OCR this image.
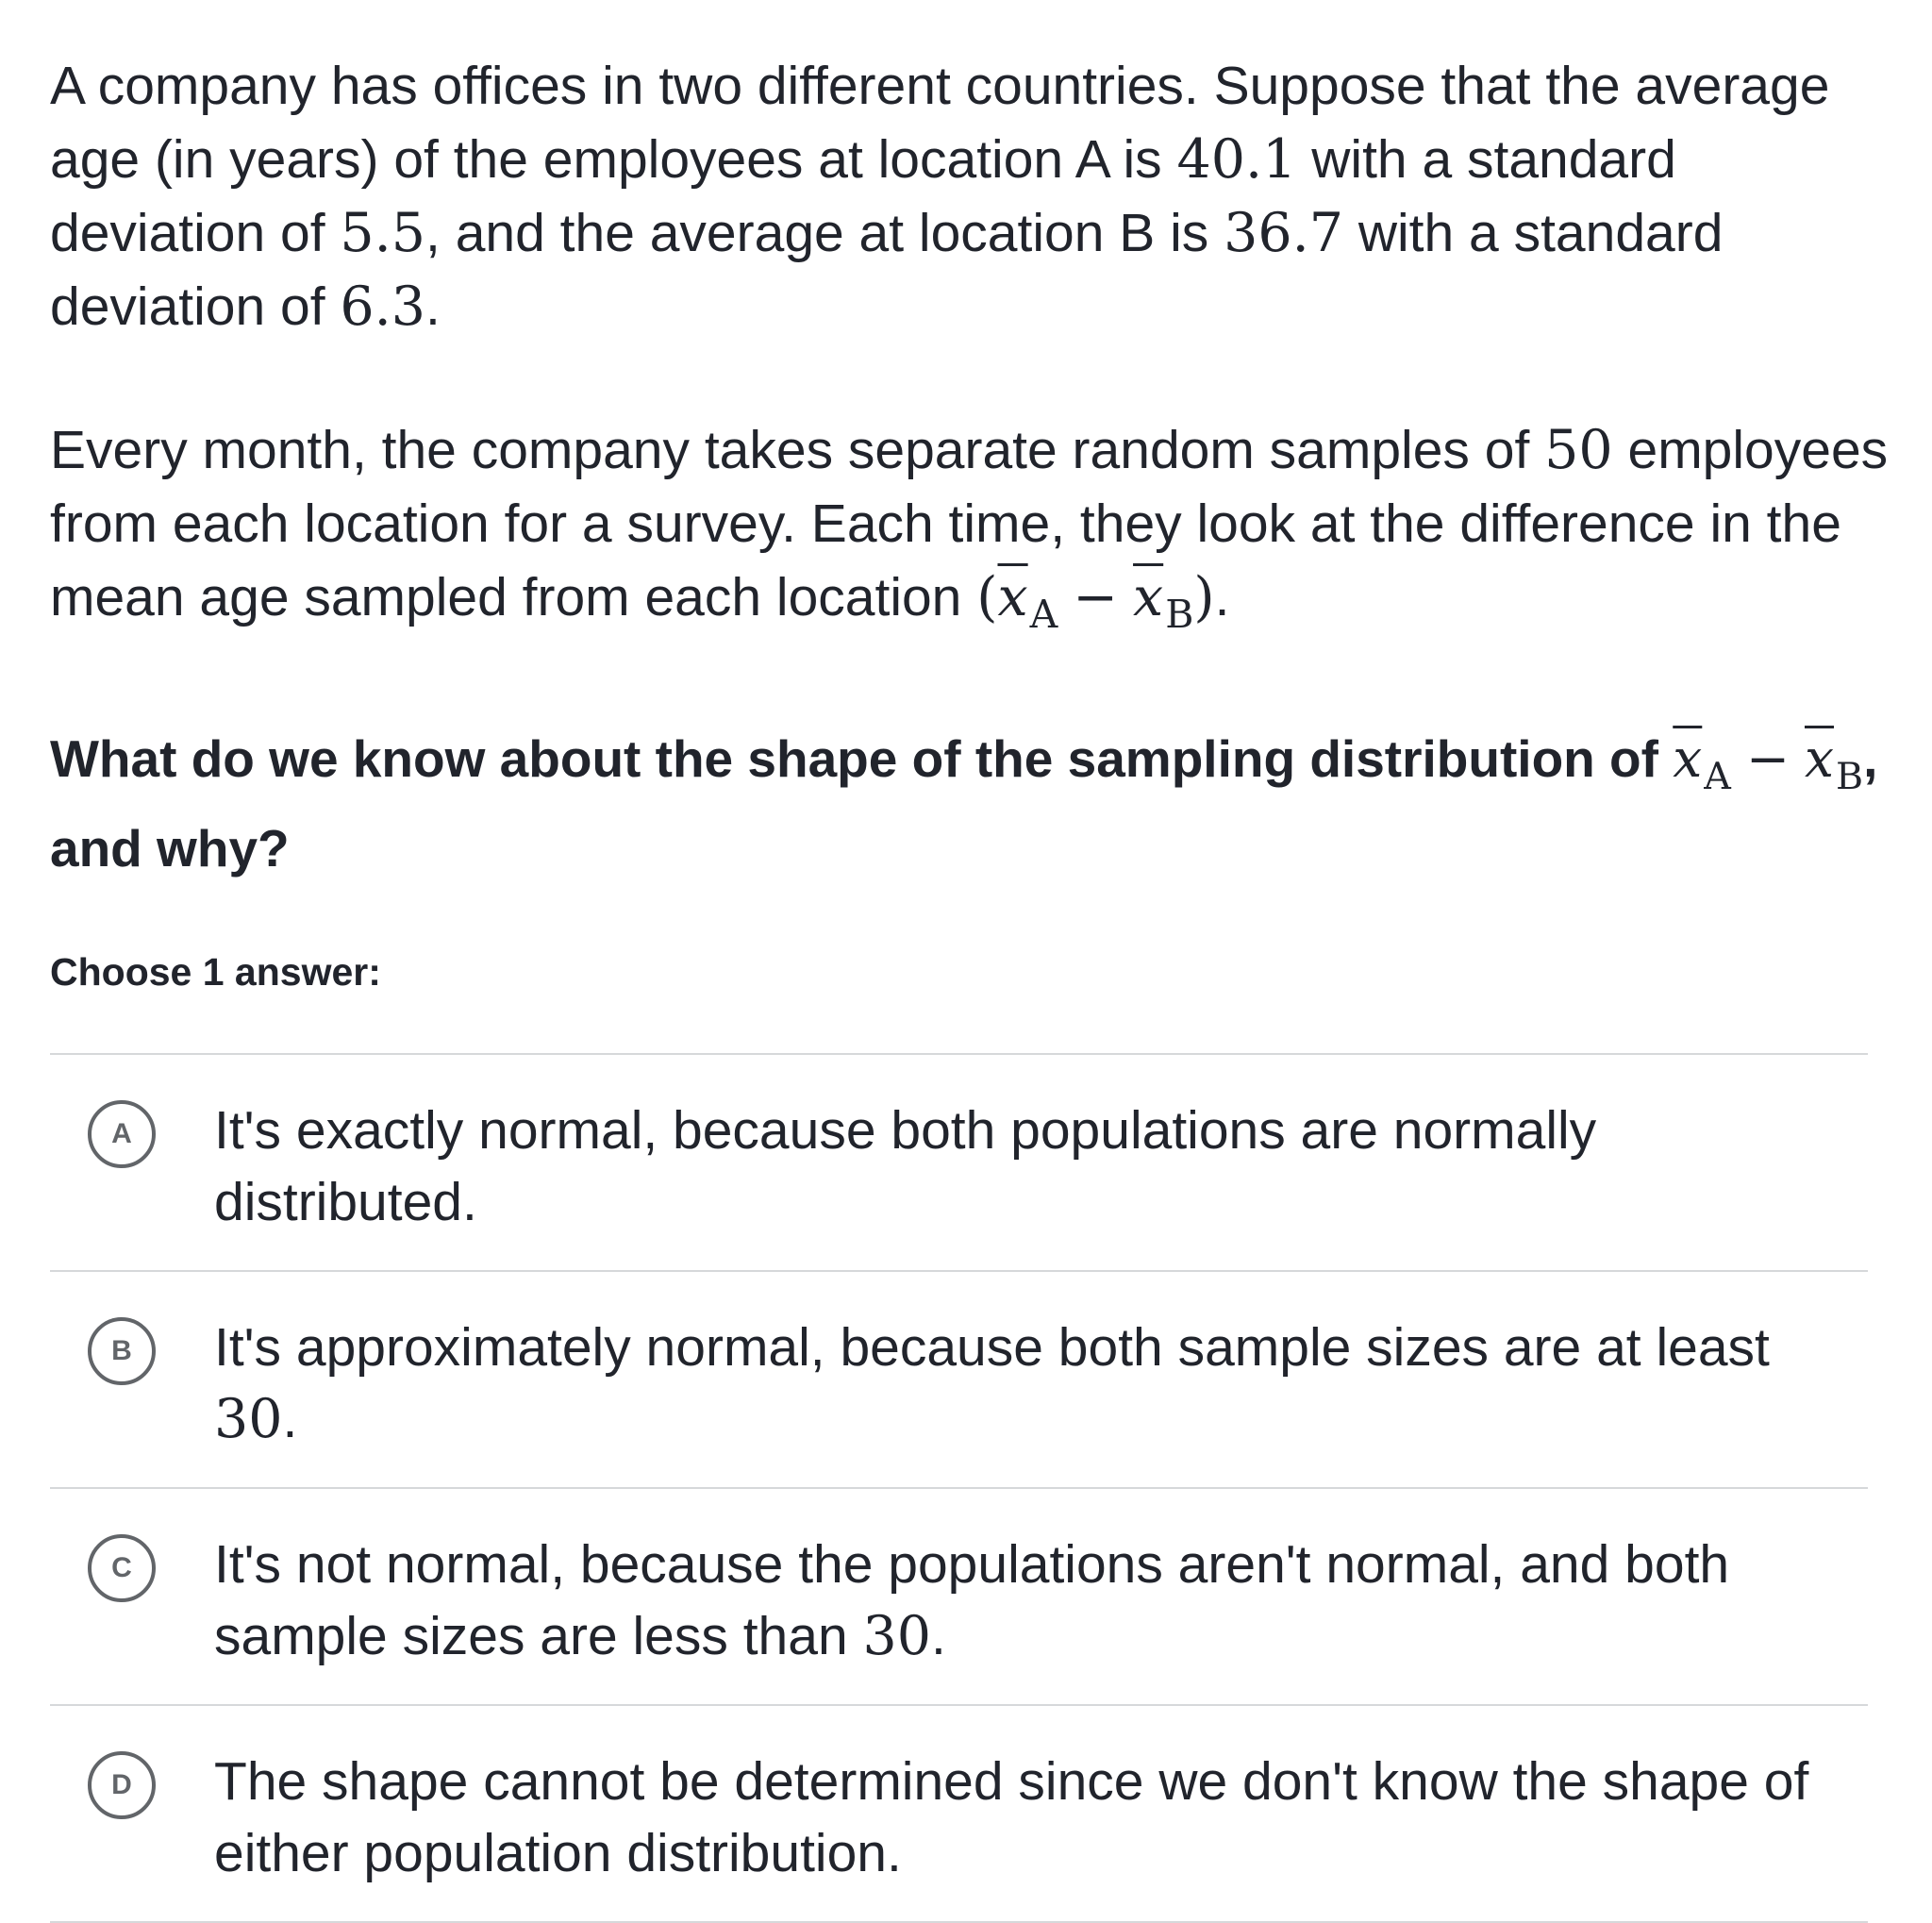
A company has offices in two different countries. Suppose that the average age (in years) of the employees at location A is 40.1 with a standard deviation of 5.5, and the average at location B is 36.7 with a standard deviation of 6.3.

Every month, the company takes separate random samples of 50 employees from each location for a survey. Each time, they look at the difference in the mean age sampled from each location $(\overline{x}_A - \overline{x}_B)$.

What do we know about the shape of the sampling distribution of $\overline{x}_A - \overline{x}_B$, and why?
Choose 1 answer:
A	It's exactly normal, because both populations are normally distributed.
B	It's approximately normal, because both sample sizes are at least 30.
C	It's not normal, because the populations aren't normal, and both sample sizes are less than 30.
D	The shape cannot be determined since we don't know the shape of either population distribution.
